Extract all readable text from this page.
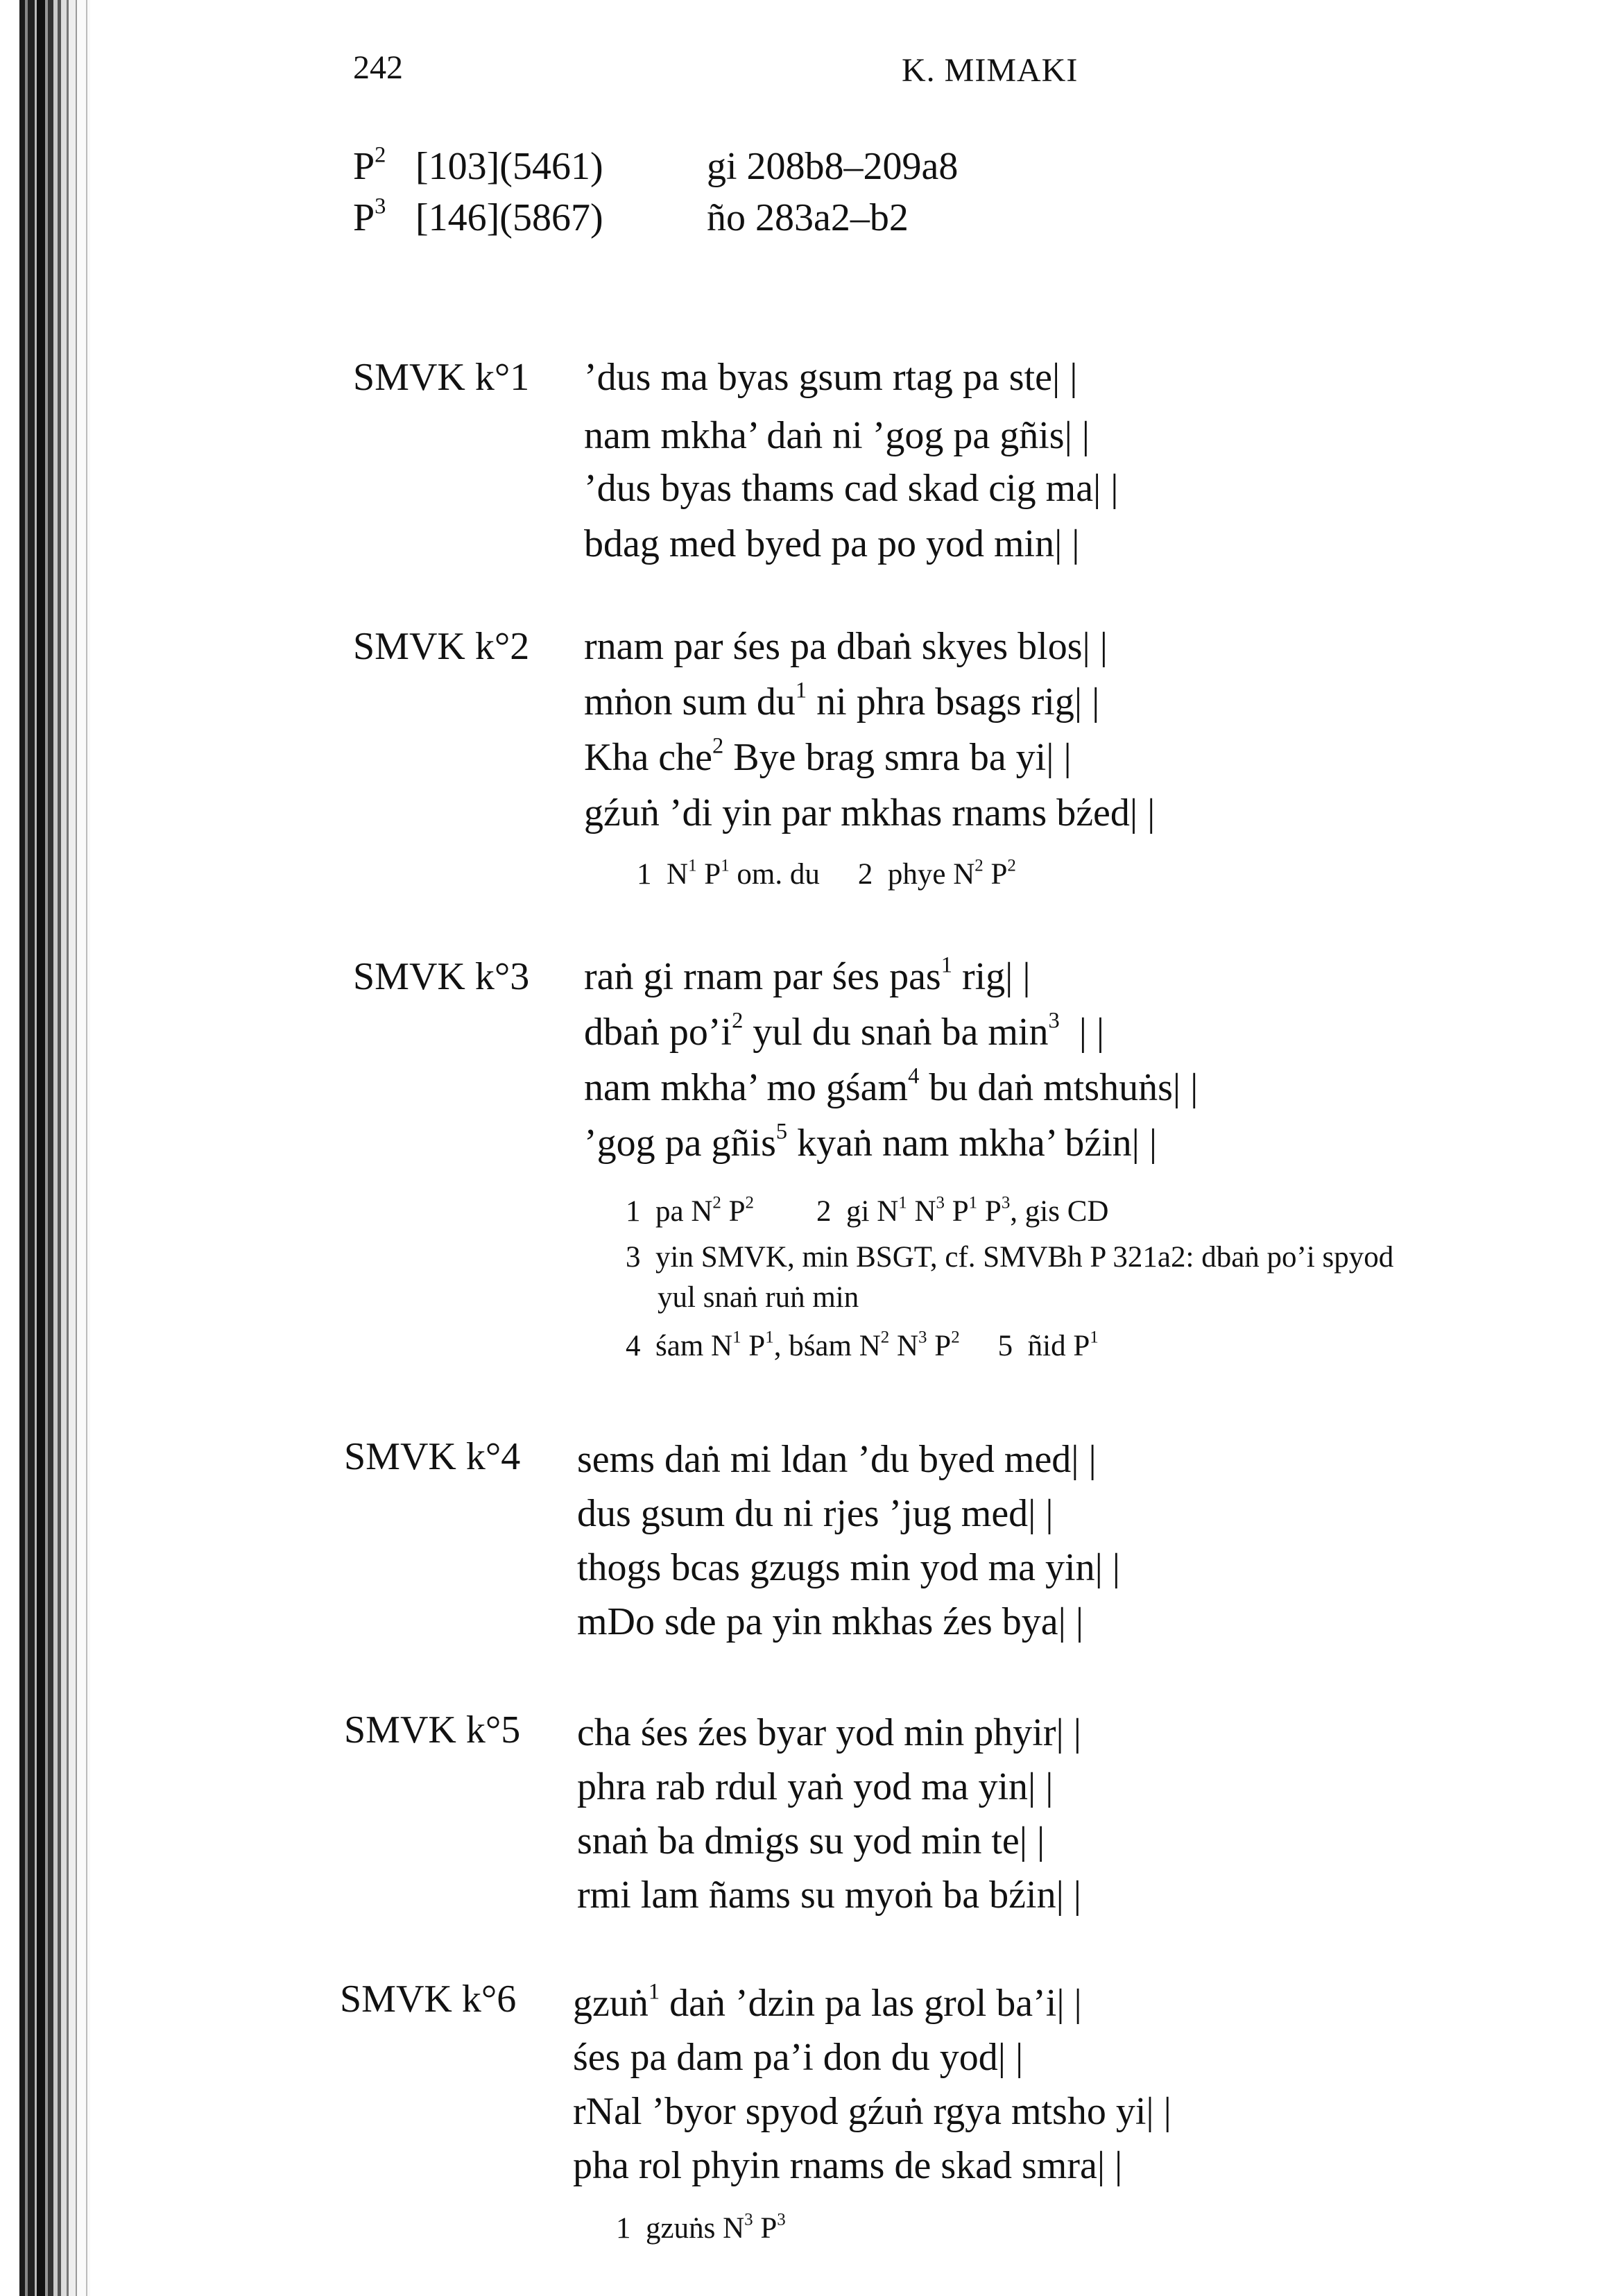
242	K. MIMAKI
$P^2$ [103](5461)	gi 208b8–209a8
$P^3$ [146](5867)	ño 283a2–b2
SMVK k°1 ’dus ma byas gsum rtag pa ste| |
nam mkha’ daṅ ni ’gog pa gñis| |
’dus byas thams cad skad cig ma| |
bdag med byed pa po yod min| |
SMVK k°2 rnam par śes pa dbaṅ skyes blos| |
mṅon sum $du^1$ ni phra bsags rig| |
Kha che$^2$ Bye brag smra ba yi| |
gźuṅ ’di yin par mkhas rnams bźed| |
1 $N^1$ $P^1$ om. du 2 phye $N^2$ $P^2$
SMVK k°3 raṅ gi rnam par śes pas$^1$ rig| |
dbaṅ $po’i^2$ yul du snaṅ ba $\min^3$ | |
nam mkha’ mo gśam$^4$ bu daṅ mtshuṅs| |
’gog pa gñis$^5$ kyaṅ nam mkha’ bźin| |
1 pa $N^2$ $P^2$ 2 gi $N^1$ $N^3$ $P^1$ $P^3$, gis CD
3 yin SMVK, min BSGT, cf. SMVBh P 321a2: dbaṅ po’i spyod
yul snaṅ ruṅ min
4 śam $N^1$ $P^1$, bśam $N^2$ $N^3$ $P^2$ 5 ñid $P^1$
SMVK k°4 sems daṅ mi ldan ’du byed med| |
dus gsum du ni rjes ’jug med| |
thogs bcas gzugs min yod ma yin| |
mDo sde pa yin mkhas źes bya| |
SMVK k°5 cha śes źes byar yod min phyir| |
phra rab rdul yaṅ yod ma yin| |
snaṅ ba dmigs su yod min te| |
rmi lam ñams su myoṅ ba bźin| |
SMVK k°6 gzuṅ$^1$ daṅ ’dzin pa las grol ba’i| |
śes pa dam pa’i don du yod| |
rNal ’byor spyod gźuṅ rgya mtsho yi| |
pha rol phyin rnams de skad smra| |
1 gzuṅs $N^3$ $P^3$
